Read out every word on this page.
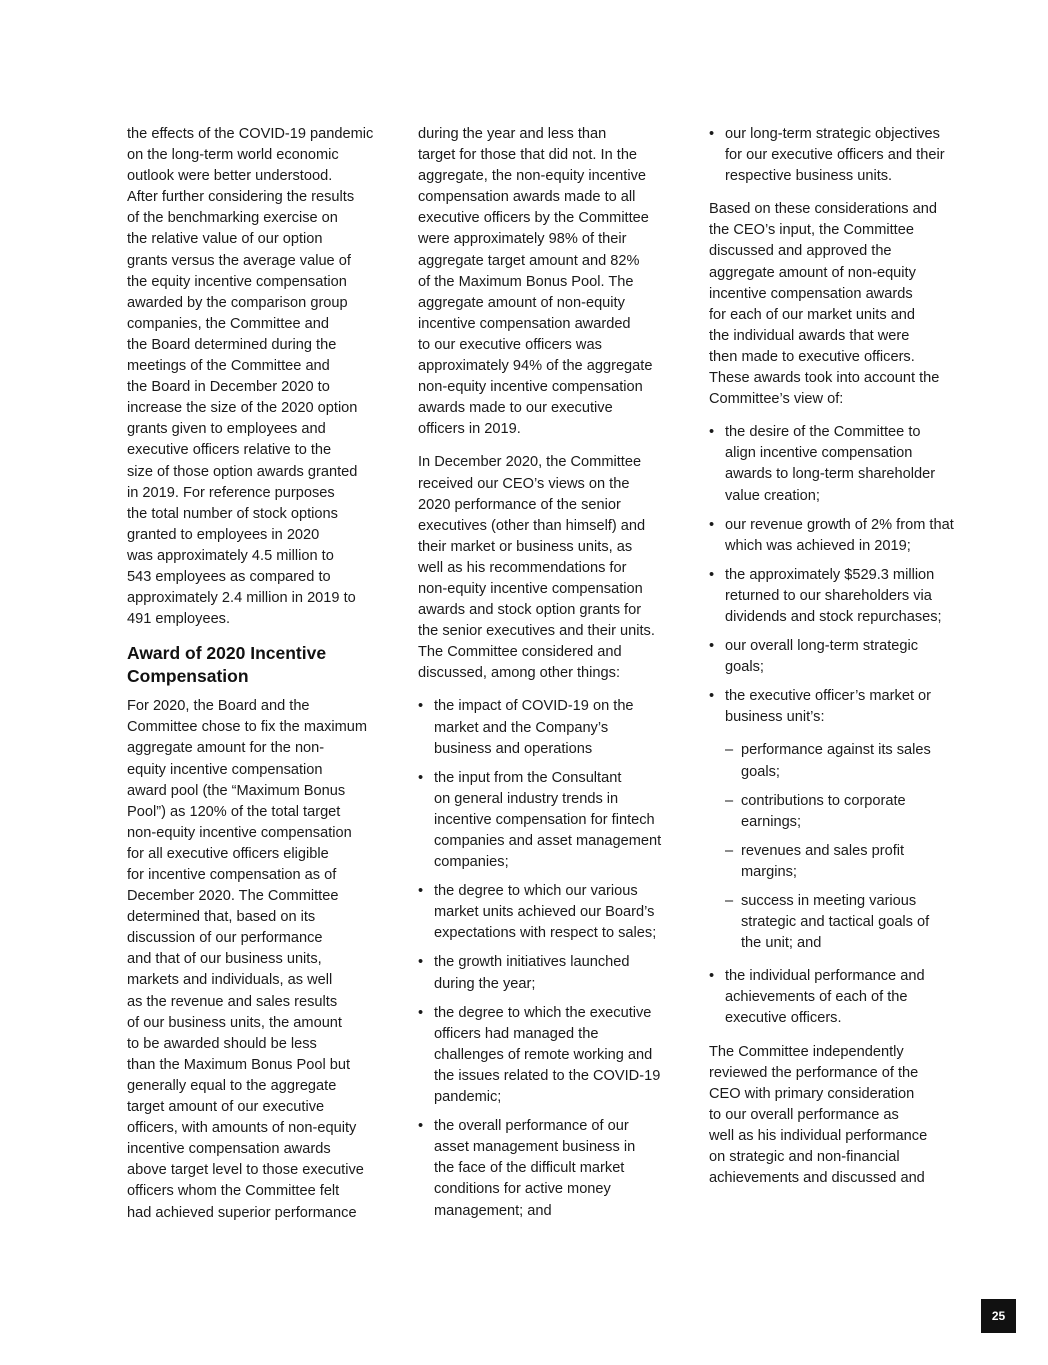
the effects of the COVID-19 pandemic
on the long-term world economic
outlook were better understood.
After further considering the results
of the benchmarking exercise on
the relative value of our option
grants versus the average value of
the equity incentive compensation
awarded by the comparison group
companies, the Committee and
the Board determined during the
meetings of the Committee and
the Board in December 2020 to
increase the size of the 2020 option
grants given to employees and
executive officers relative to the
size of those option awards granted
in 2019. For reference purposes
the total number of stock options
granted to employees in 2020
was approximately 4.5 million to
543 employees as compared to
approximately 2.4 million in 2019 to
491 employees.
Award of 2020 Incentive
Compensation
For 2020, the Board and the
Committee chose to fix the maximum
aggregate amount for the non-
equity incentive compensation
award pool (the “Maximum Bonus
Pool”) as 120% of the total target
non-equity incentive compensation
for all executive officers eligible
for incentive compensation as of
December 2020. The Committee
determined that, based on its
discussion of our performance
and that of our business units,
markets and individuals, as well
as the revenue and sales results
of our business units, the amount
to be awarded should be less
than the Maximum Bonus Pool but
generally equal to the aggregate
target amount of our executive
officers, with amounts of non-equity
incentive compensation awards
above target level to those executive
officers whom the Committee felt
had achieved superior performance
during the year and less than
target for those that did not. In the
aggregate, the non-equity incentive
compensation awards made to all
executive officers by the Committee
were approximately 98% of their
aggregate target amount and 82%
of the Maximum Bonus Pool. The
aggregate amount of non-equity
incentive compensation awarded
to our executive officers was
approximately 94% of the aggregate
non-equity incentive compensation
awards made to our executive
officers in 2019.
In December 2020, the Committee
received our CEO’s views on the
2020 performance of the senior
executives (other than himself) and
their market or business units, as
well as his recommendations for
non-equity incentive compensation
awards and stock option grants for
the senior executives and their units.
The Committee considered and
discussed, among other things:
• the impact of COVID-19 on the
market and the Company’s
business and operations
• the input from the Consultant
on general industry trends in
incentive compensation for fintech
companies and asset management
companies;
• the degree to which our various
market units achieved our Board’s
expectations with respect to sales;
• the growth initiatives launched
during the year;
• the degree to which the executive
officers had managed the
challenges of remote working and
the issues related to the COVID-19
pandemic;
• the overall performance of our
asset management business in
the face of the difficult market
conditions for active money
management; and
• our long-term strategic objectives
for our executive officers and their
respective business units.
Based on these considerations and
the CEO’s input, the Committee
discussed and approved the
aggregate amount of non-equity
incentive compensation awards
for each of our market units and
the individual awards that were
then made to executive officers.
These awards took into account the
Committee’s view of:
• the desire of the Committee to
align incentive compensation
awards to long-term shareholder
value creation;
• our revenue growth of 2% from that
which was achieved in 2019;
• the approximately $529.3 million
returned to our shareholders via
dividends and stock repurchases;
• our overall long-term strategic
goals;
• the executive officer’s market or
business unit’s:
– performance against its sales
goals;
– contributions to corporate
earnings;
– revenues and sales profit
margins;
– success in meeting various
strategic and tactical goals of
the unit; and
• the individual performance and
achievements of each of the
executive officers.
The Committee independently
reviewed the performance of the
CEO with primary consideration
to our overall performance as
well as his individual performance
on strategic and non-financial
achievements and discussed and
25
